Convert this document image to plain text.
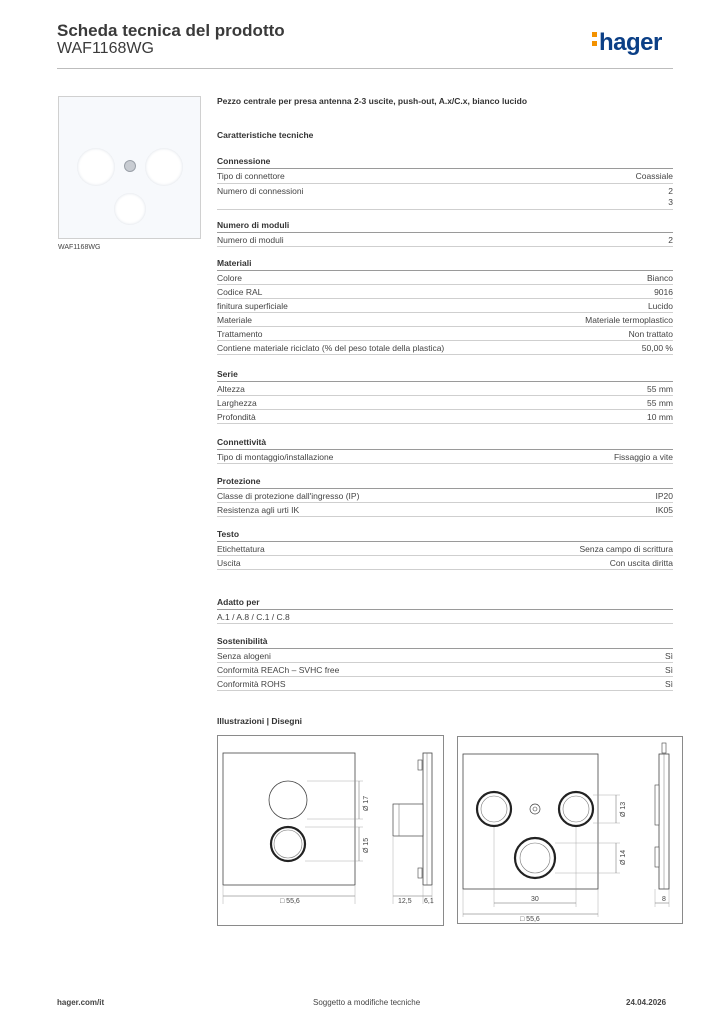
Scheda tecnica del prodotto
WAF1168WG	hager
WAF1168WG
Pezzo centrale per presa antenna 2-3 uscite, push-out, A.x/C.x, bianco lucido
Caratteristiche tecniche
Connessione
Tipo di connettore	Coassiale
Numero di connessioni	2
3
Numero di moduli
Numero di moduli	2
Materiali
Colore	Bianco
Codice RAL	9016
finitura superficiale	Lucido
Materiale	Materiale termoplastico
Trattamento	Non trattato
Contiene materiale riciclato (% del peso totale della plastica)	50,00 %
Serie
Altezza	55 mm
Larghezza	55 mm
Profondità	10 mm
Connettività
Tipo di montaggio/installazione	Fissaggio a vite
Protezione
Classe di protezione dall'ingresso (IP)	IP20
Resistenza agli urti IK	IK05
Testo
Etichettatura	Senza campo di scrittura
Uscita	Con uscita diritta
Adatto per
A.1 / A.8 / C.1 / C.8
Sostenibilità
Senza alogeni	Sì
Conformità REACh – SVHC free	Sì
Conformità ROHS	Sì
Illustrazioni | Disegni
Ø 17
Ø 15
□ 55,6	12,5 6,1
Ø 13
Ø 14
30
□ 55,6
8
hager.com/it	Soggetto a modifiche tecniche	24.04.2026
